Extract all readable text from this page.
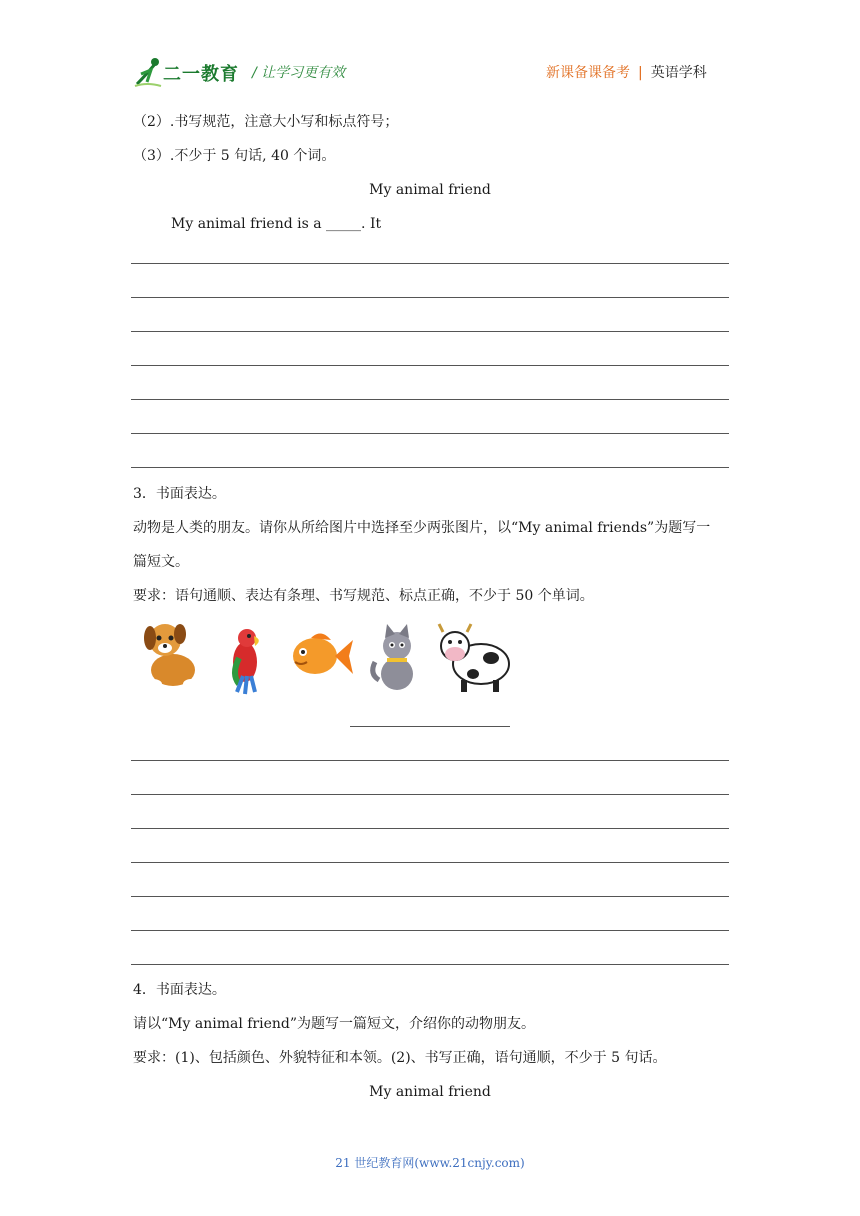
二一教育 / 让学习更有效	新课备课备考 | 英语学科
（2）.书写规范，注意大小写和标点符号；
（3）.不少于 5 句话, 40 个词。
My animal friend
My animal friend is a _____. It
3．书面表达。
动物是人类的朋友。请你从所给图片中选择至少两张图片，以“My animal friends”为题写一
篇短文。
要求：语句通顺、表达有条理、书写规范、标点正确，不少于 50 个单词。
4．书面表达。
请以“My animal friend”为题写一篇短文，介绍你的动物朋友。
要求：(1)、包括颜色、外貌特征和本领。(2)、书写正确，语句通顺，不少于 5 句话。
My animal friend
21 世纪教育网(www.21cnjy.com)
